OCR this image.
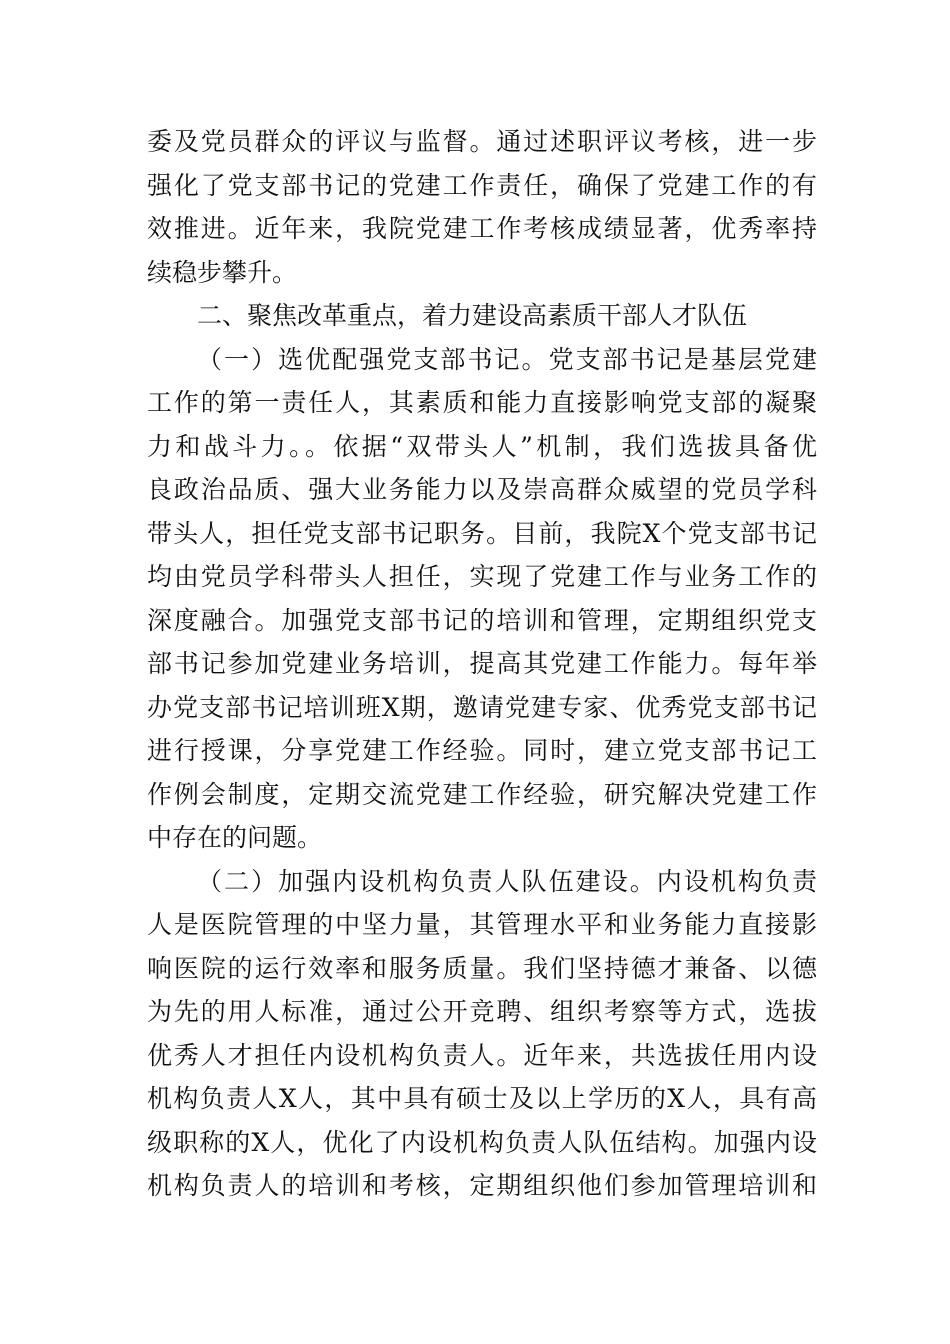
委及党员群众的评议与监督。通过述职评议考核，进一步
强化了党支部书记的党建工作责任，确保了党建工作的有
效推进。近年来，我院党建工作考核成绩显著，优秀率持
续稳步攀升。
二、聚焦改革重点，着力建设高素质干部人才队伍
（一）选优配强党支部书记。党支部书记是基层党建
工作的第一责任人，其素质和能力直接影响党支部的凝聚
力和战斗力。。依据“双带头人”机制，我们选拔具备优
良政治品质、强大业务能力以及崇高群众威望的党员学科
带头人，担任党支部书记职务。目前，我院X个党支部书记
均由党员学科带头人担任，实现了党建工作与业务工作的
深度融合。加强党支部书记的培训和管理，定期组织党支
部书记参加党建业务培训，提高其党建工作能力。每年举
办党支部书记培训班X期，邀请党建专家、优秀党支部书记
进行授课，分享党建工作经验。同时，建立党支部书记工
作例会制度，定期交流党建工作经验，研究解决党建工作
中存在的问题。
（二）加强内设机构负责人队伍建设。内设机构负责
人是医院管理的中坚力量，其管理水平和业务能力直接影
响医院的运行效率和服务质量。我们坚持德才兼备、以德
为先的用人标准，通过公开竞聘、组织考察等方式，选拔
优秀人才担任内设机构负责人。近年来，共选拔任用内设
机构负责人X人，其中具有硕士及以上学历的X人，具有高
级职称的X人，优化了内设机构负责人队伍结构。加强内设
机构负责人的培训和考核，定期组织他们参加管理培训和
